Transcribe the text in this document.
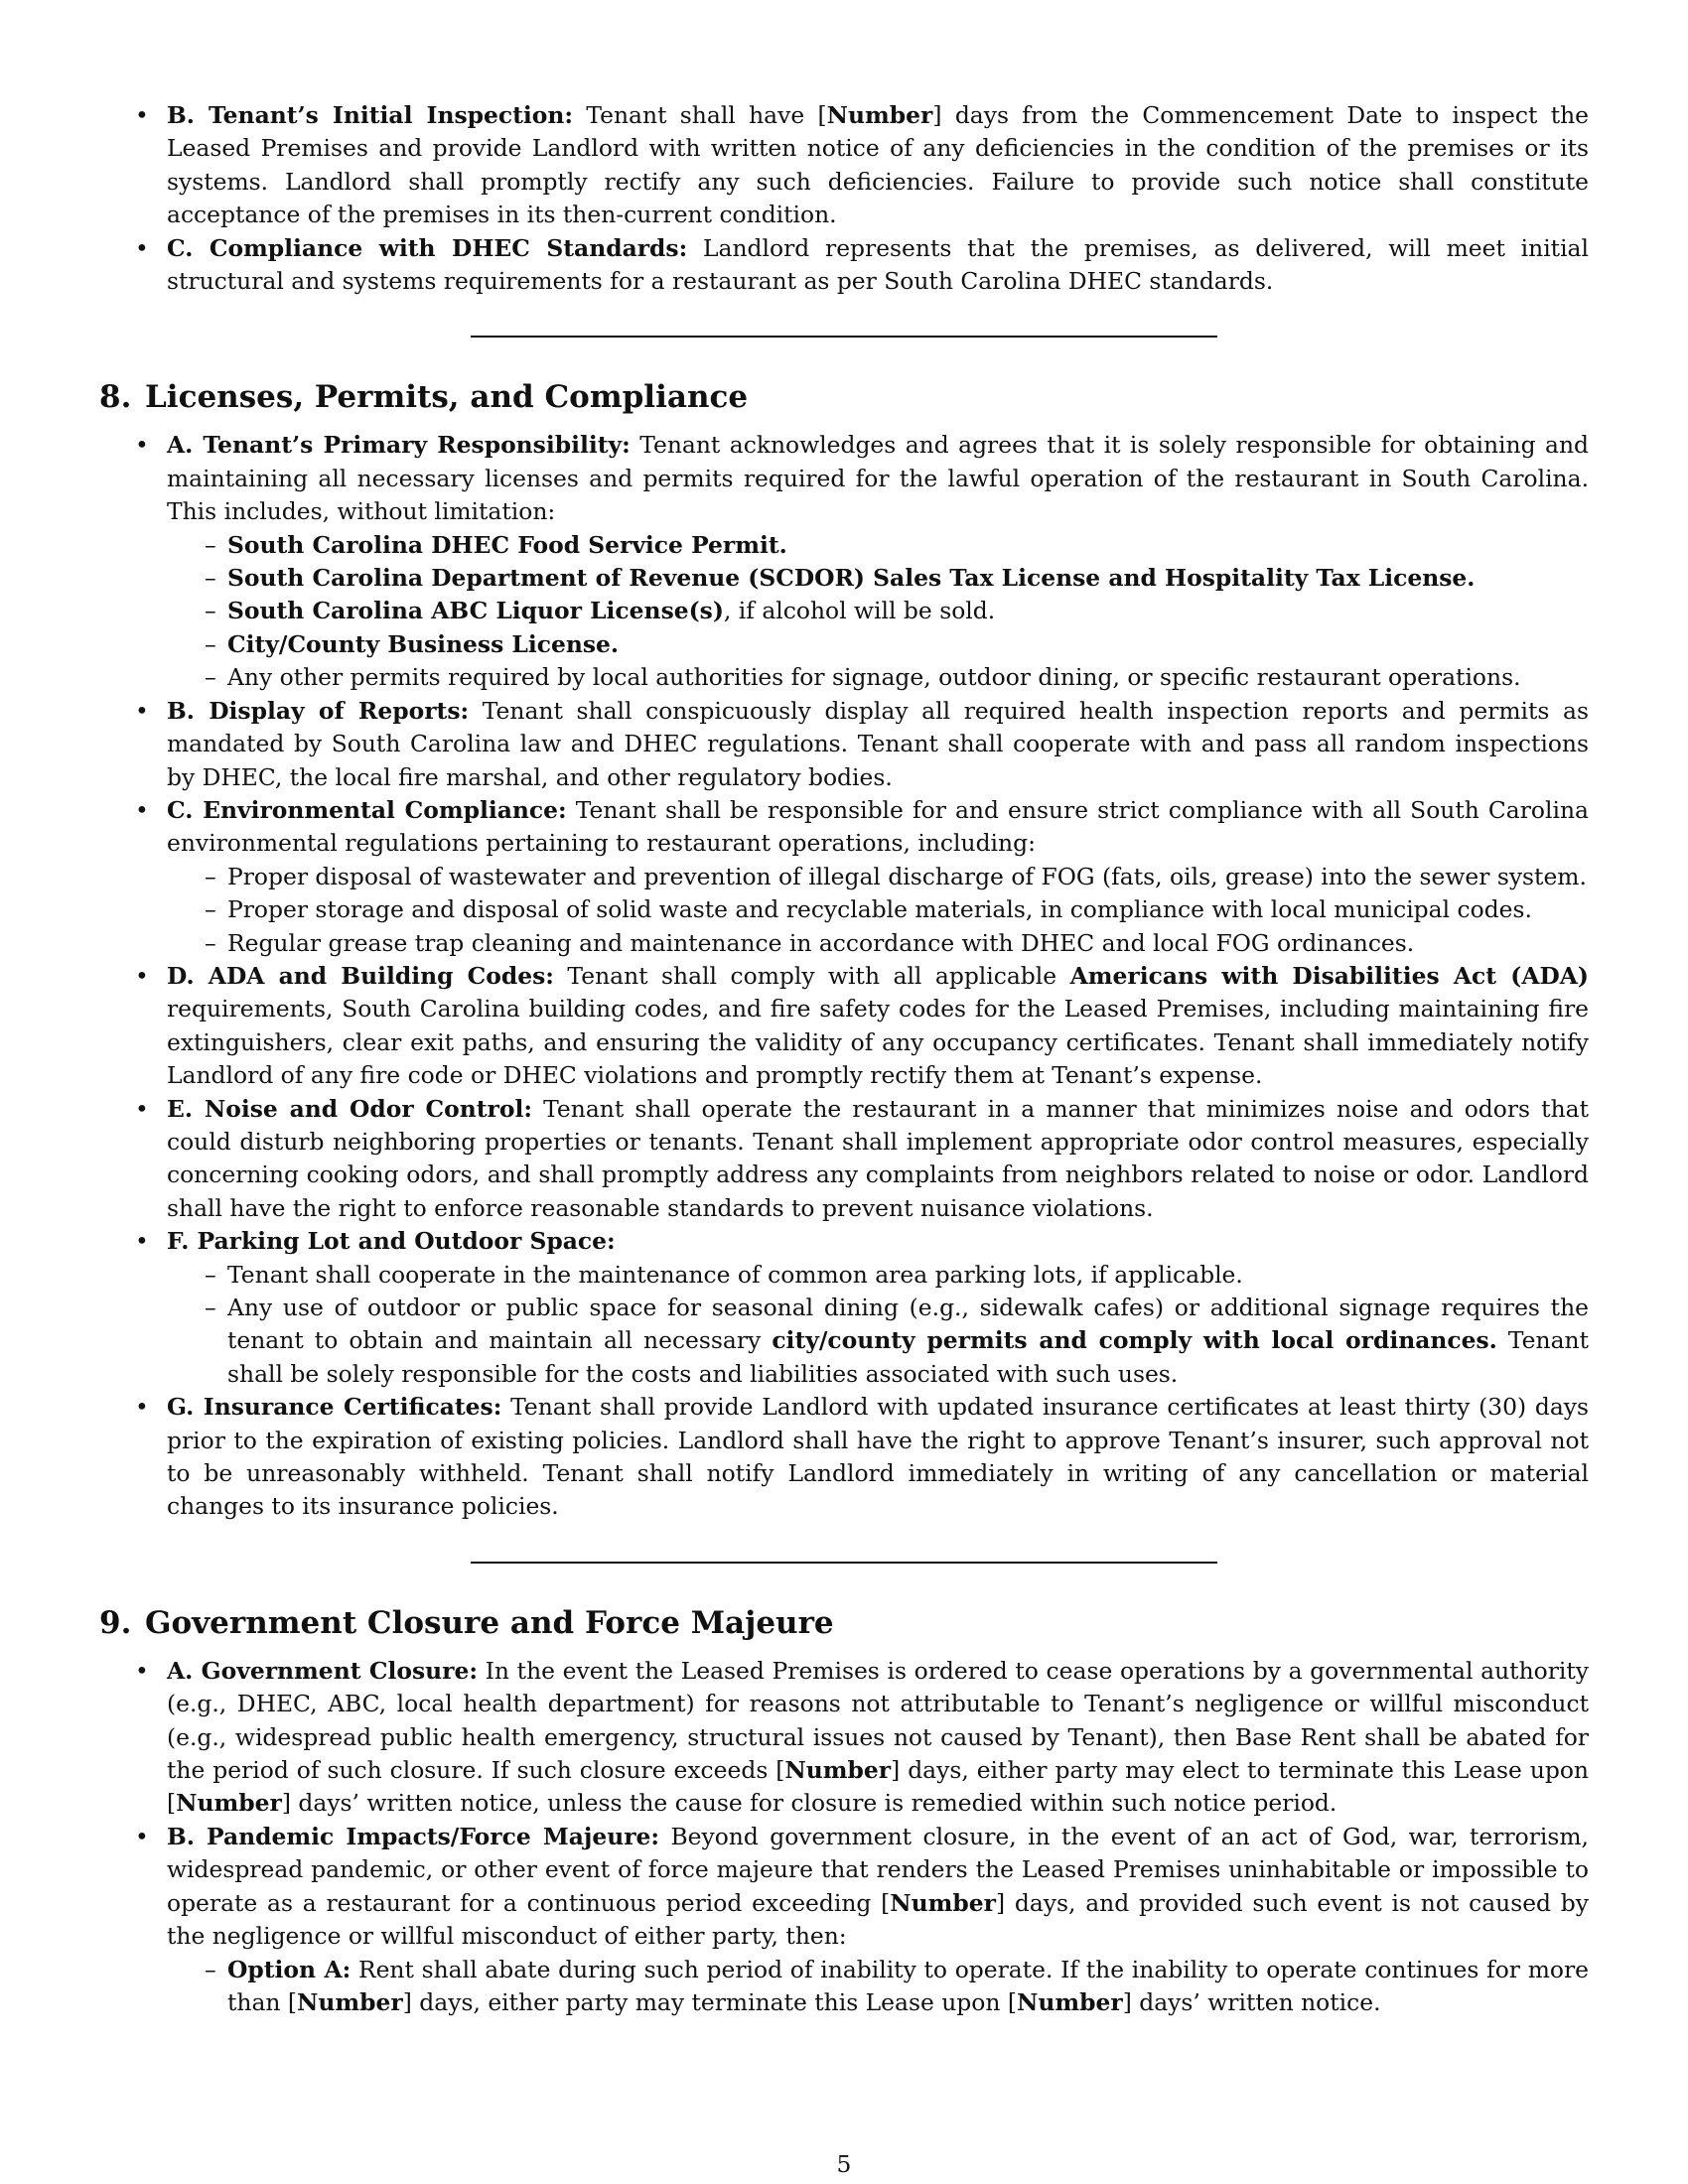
• B. Tenant’s Initial Inspection: Tenant shall have [Number] days from the Commencement Date to inspect the Leased Premises and provide Landlord with written notice of any deficiencies in the condition of the premises or its systems. Landlord shall promptly rectify any such deficiencies. Failure to provide such notice shall constitute acceptance of the premises in its then-current condition.
• C. Compliance with DHEC Standards: Landlord represents that the premises, as delivered, will meet initial structural and systems requirements for a restaurant as per South Carolina DHEC standards.
8. Licenses, Permits, and Compliance
• A. Tenant’s Primary Responsibility: Tenant acknowledges and agrees that it is solely responsible for obtaining and maintaining all necessary licenses and permits required for the lawful operation of the restaurant in South Carolina. This includes, without limitation:
– South Carolina DHEC Food Service Permit.
– South Carolina Department of Revenue (SCDOR) Sales Tax License and Hospitality Tax License.
– South Carolina ABC Liquor License(s), if alcohol will be sold.
– City/County Business License.
– Any other permits required by local authorities for signage, outdoor dining, or specific restaurant operations.
• B. Display of Reports: Tenant shall conspicuously display all required health inspection reports and permits as mandated by South Carolina law and DHEC regulations. Tenant shall cooperate with and pass all random inspections by DHEC, the local fire marshal, and other regulatory bodies.
• C. Environmental Compliance: Tenant shall be responsible for and ensure strict compliance with all South Carolina environmental regulations pertaining to restaurant operations, including:
– Proper disposal of wastewater and prevention of illegal discharge of FOG (fats, oils, grease) into the sewer system.
– Proper storage and disposal of solid waste and recyclable materials, in compliance with local municipal codes.
– Regular grease trap cleaning and maintenance in accordance with DHEC and local FOG ordinances.
• D. ADA and Building Codes: Tenant shall comply with all applicable Americans with Disabilities Act (ADA) requirements, South Carolina building codes, and fire safety codes for the Leased Premises, including maintaining fire extinguishers, clear exit paths, and ensuring the validity of any occupancy certificates. Tenant shall immediately notify Landlord of any fire code or DHEC violations and promptly rectify them at Tenant’s expense.
• E. Noise and Odor Control: Tenant shall operate the restaurant in a manner that minimizes noise and odors that could disturb neighboring properties or tenants. Tenant shall implement appropriate odor control measures, especially concerning cooking odors, and shall promptly address any complaints from neighbors related to noise or odor. Landlord shall have the right to enforce reasonable standards to prevent nuisance violations.
• F. Parking Lot and Outdoor Space:
– Tenant shall cooperate in the maintenance of common area parking lots, if applicable.
– Any use of outdoor or public space for seasonal dining (e.g., sidewalk cafes) or additional signage requires the tenant to obtain and maintain all necessary city/county permits and comply with local ordinances. Tenant shall be solely responsible for the costs and liabilities associated with such uses.
• G. Insurance Certificates: Tenant shall provide Landlord with updated insurance certificates at least thirty (30) days prior to the expiration of existing policies. Landlord shall have the right to approve Tenant’s insurer, such approval not to be unreasonably withheld. Tenant shall notify Landlord immediately in writing of any cancellation or material changes to its insurance policies.
9. Government Closure and Force Majeure
• A. Government Closure: In the event the Leased Premises is ordered to cease operations by a governmental authority (e.g., DHEC, ABC, local health department) for reasons not attributable to Tenant’s negligence or willful misconduct (e.g., widespread public health emergency, structural issues not caused by Tenant), then Base Rent shall be abated for the period of such closure. If such closure exceeds [Number] days, either party may elect to terminate this Lease upon [Number] days’ written notice, unless the cause for closure is remedied within such notice period.
• B. Pandemic Impacts/Force Majeure: Beyond government closure, in the event of an act of God, war, terrorism, widespread pandemic, or other event of force majeure that renders the Leased Premises uninhabitable or impossible to operate as a restaurant for a continuous period exceeding [Number] days, and provided such event is not caused by the negligence or willful misconduct of either party, then:
– Option A: Rent shall abate during such period of inability to operate. If the inability to operate continues for more than [Number] days, either party may terminate this Lease upon [Number] days’ written notice.
5
